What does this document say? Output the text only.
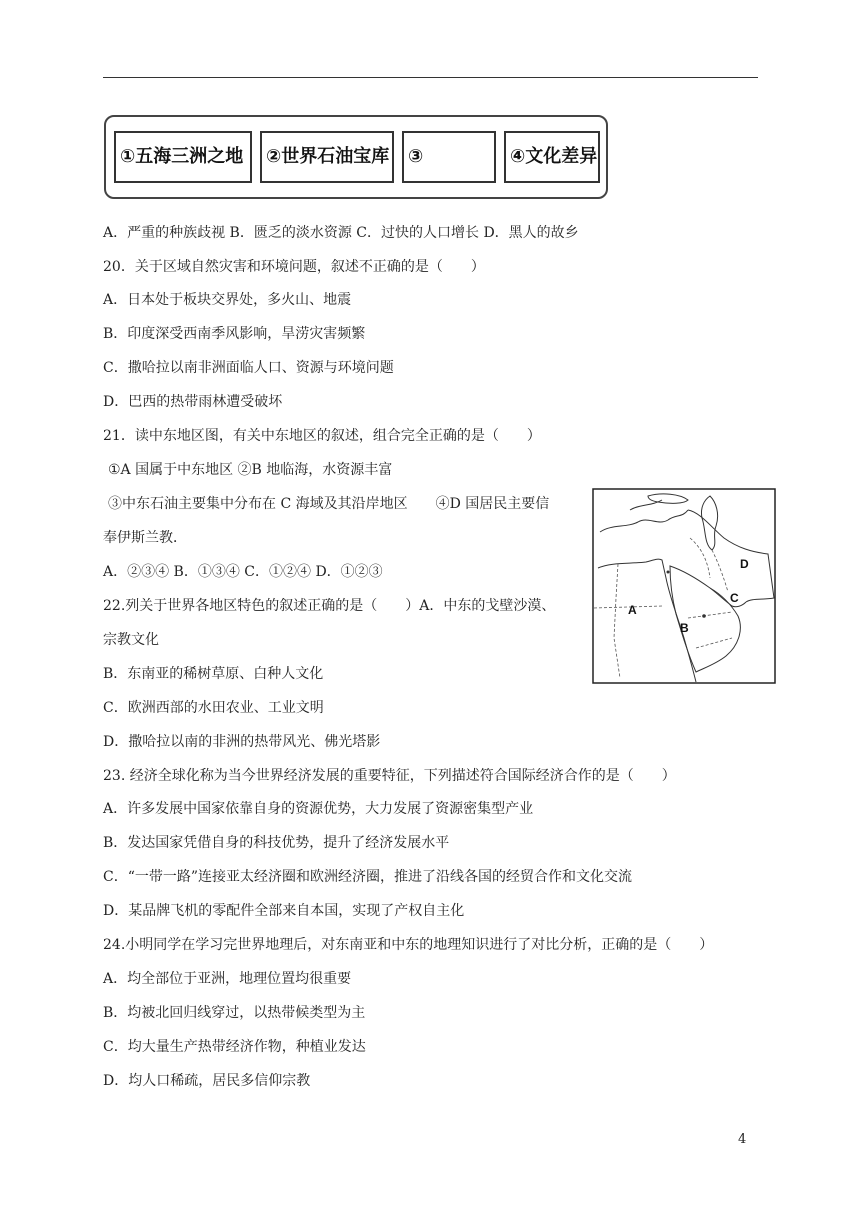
①五海三洲之地	②世界石油宝库	③	④文化差异
A．严重的种族歧视 B．匮乏的淡水资源 C．过快的人口增长 D．黑人的故乡
20．关于区域自然灾害和环境问题，叙述不正确的是（　　）
A．日本处于板块交界处，多火山、地震
B．印度深受西南季风影响，旱涝灾害频繁
C．撒哈拉以南非洲面临人口、资源与环境问题
D．巴西的热带雨林遭受破坏
21．读中东地区图，有关中东地区的叙述，组合完全正确的是（　　）
①A 国属于中东地区 ②B 地临海，水资源丰富
③中东石油主要集中分布在 C 海域及其沿岸地区　　④D 国居民主要信
奉伊斯兰教．
A．②③④ B．①③④ C．①②④ D．①②③
22.列关于世界各地区特色的叙述正确的是（　　）A．中东的戈壁沙漠、
宗教文化
B．东南亚的稀树草原、白种人文化
C．欧洲西部的水田农业、工业文明
D．撒哈拉以南的非洲的热带风光、佛光塔影
23. 经济全球化称为当今世界经济发展的重要特征，下列描述符合国际经济合作的是（　　）
A．许多发展中国家依靠自身的资源优势，大力发展了资源密集型产业
B．发达国家凭借自身的科技优势，提升了经济发展水平
C．“一带一路”连接亚太经济圈和欧洲经济圈，推进了沿线各国的经贸合作和文化交流
D．某品牌飞机的零配件全部来自本国，实现了产权自主化
24.小明同学在学习完世界地理后，对东南亚和中东的地理知识进行了对比分析，正确的是（　　）
A．均全部位于亚洲，地理位置均很重要
B．均被北回归线穿过，以热带候类型为主
C．均大量生产热带经济作物，种植业发达
D．均人口稀疏，居民多信仰宗教
A
B
C
D
4
